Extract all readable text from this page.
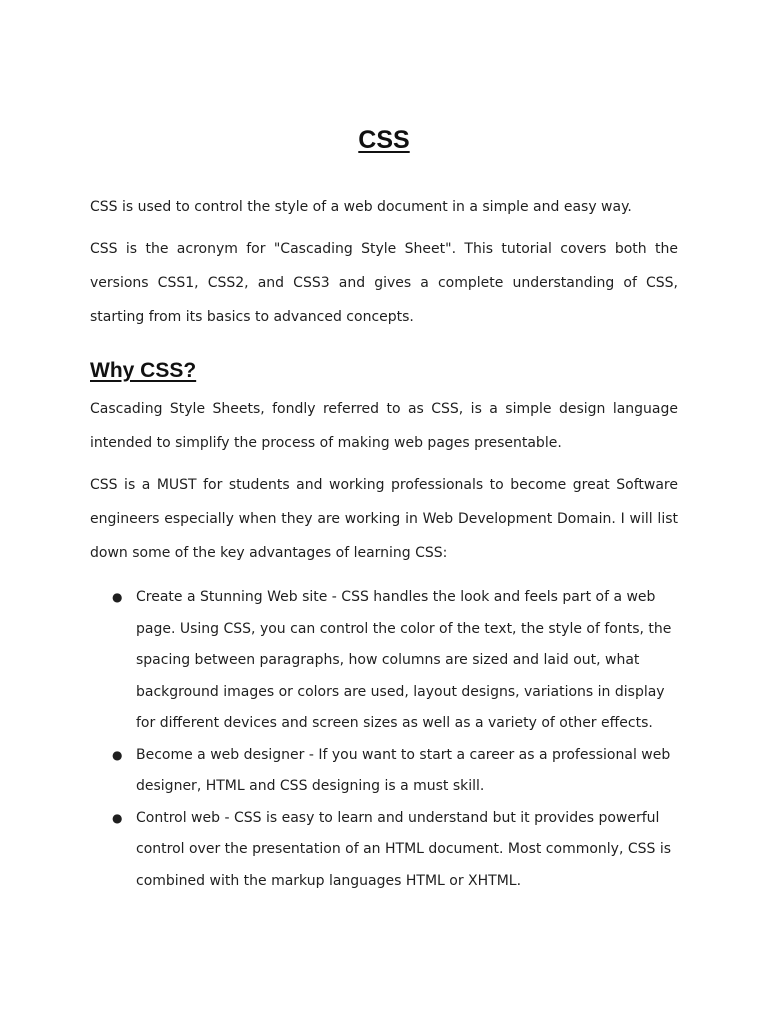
CSS

CSS is used to control the style of a web document in a simple and easy way.

CSS is the acronym for "Cascading Style Sheet". This tutorial covers both the versions CSS1, CSS2, and CSS3 and gives a complete understanding of CSS, starting from its basics to advanced concepts.

Why CSS?

Cascading Style Sheets, fondly referred to as CSS, is a simple design language intended to simplify the process of making web pages presentable.

CSS is a MUST for students and working professionals to become great Software engineers especially when they are working in Web Development Domain. I will list down some of the key advantages of learning CSS:

● Create a Stunning Web site - CSS handles the look and feels part of a web page. Using CSS, you can control the color of the text, the style of fonts, the spacing between paragraphs, how columns are sized and laid out, what background images or colors are used, layout designs, variations in display for different devices and screen sizes as well as a variety of other effects.
● Become a web designer - If you want to start a career as a professional web designer, HTML and CSS designing is a must skill.
● Control web - CSS is easy to learn and understand but it provides powerful control over the presentation of an HTML document. Most commonly, CSS is combined with the markup languages HTML or XHTML.
